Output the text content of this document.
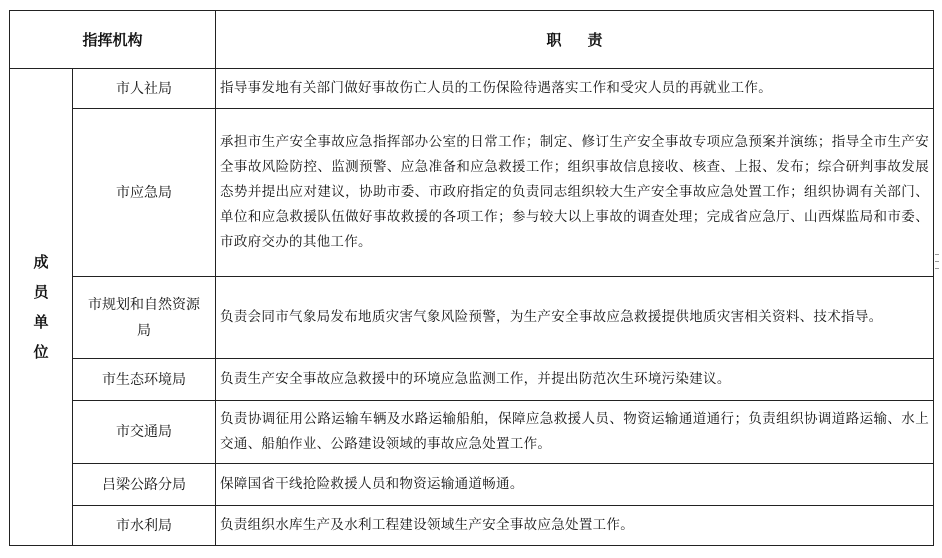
指挥机构		职 责

成
员
单
位	市人社局	指导事发地有关部门做好事故伤亡人员的工伤保险待遇落实工作和受灾人员的再就业工作。
	市应急局	承担市生产安全事故应急指挥部办公室的日常工作；制定、修订生产安全事故专项应急预案并演练；指导全市生产安全事故风险防控、监测预警、应急准备和应急救援工作；组织事故信息接收、核查、上报、发布；综合研判事故发展态势并提出应对建议，协助市委、市政府指定的负责同志组织较大生产安全事故应急处置工作；组织协调有关部门、单位和应急救援队伍做好事故救援的各项工作；参与较大以上事故的调查处理；完成省应急厅、山西煤监局和市委、市政府交办的其他工作。
	市规划和自然资源局	负责会同市气象局发布地质灾害气象风险预警，为生产安全事故应急救援提供地质灾害相关资料、技术指导。
	市生态环境局	负责生产安全事故应急救援中的环境应急监测工作，并提出防范次生环境污染建议。
	市交通局	负责协调征用公路运输车辆及水路运输船舶，保障应急救援人员、物资运输通道通行；负责组织协调道路运输、水上交通、船舶作业、公路建设领域的事故应急处置工作。
	吕梁公路分局	保障国省干线抢险救援人员和物资运输通道畅通。
	市水利局	负责组织水库生产及水利工程建设领域生产安全事故应急处置工作。
